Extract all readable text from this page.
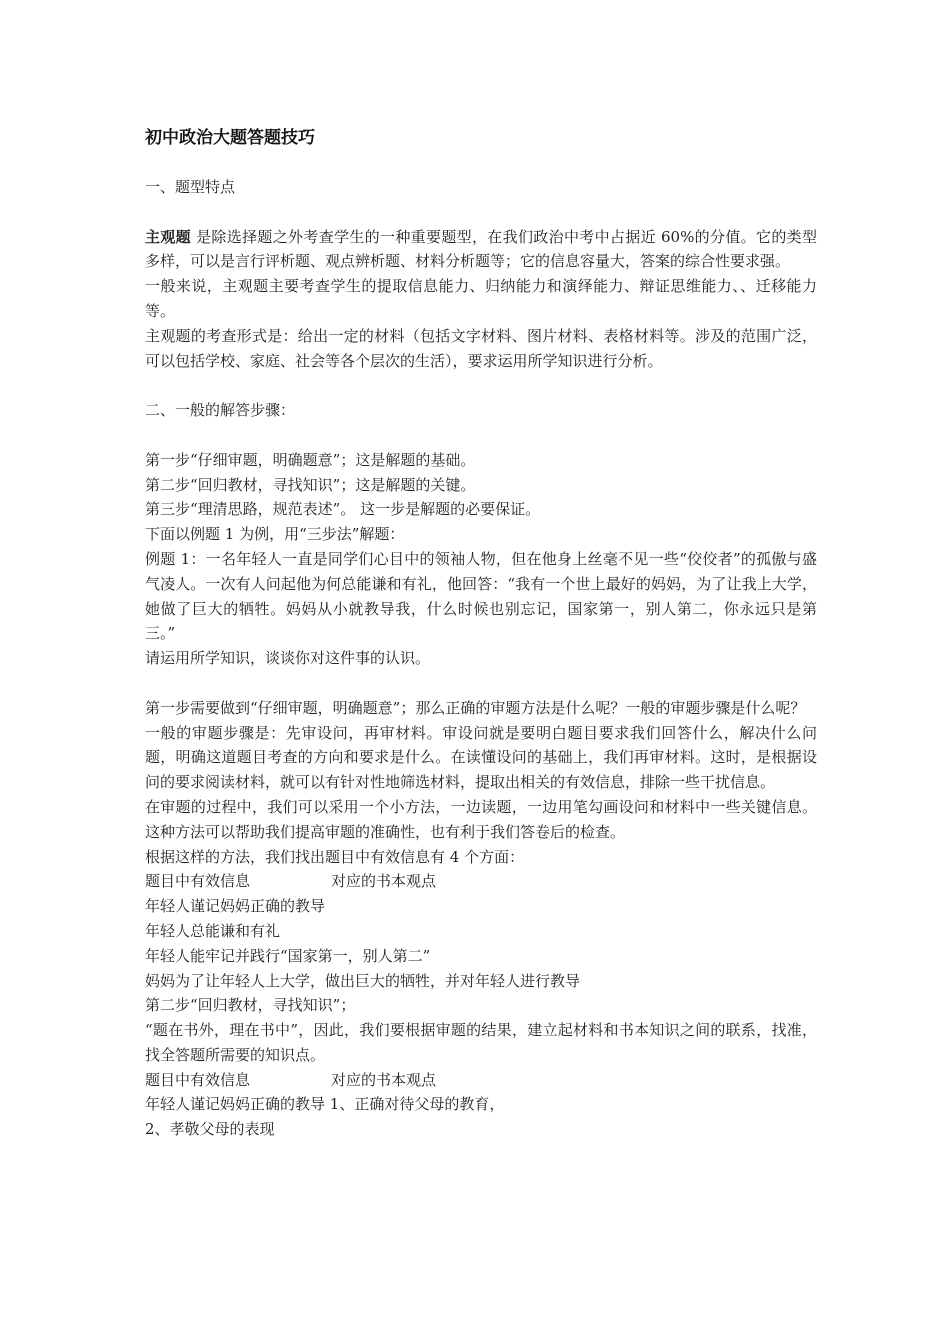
初中政治大题答题技巧

一、题型特点

主观题 是除选择题之外考查学生的一种重要题型，在我们政治中考中占据近 60%的分值。它的类型多样，可以是言行评析题、观点辨析题、材料分析题等；它的信息容量大，答案的综合性要求强。

一般来说，主观题主要考查学生的提取信息能力、归纳能力和演绎能力、辩证思维能力、、迁移能力等。

主观题的考查形式是：给出一定的材料（包括文字材料、图片材料、表格材料等。涉及的范围广泛，可以包括学校、家庭、社会等各个层次的生活），要求运用所学知识进行分析。

二、一般的解答步骤：

第一步“仔细审题，明确题意”；这是解题的基础。

第二步“回归教材，寻找知识”；这是解题的关键。

第三步“理清思路，规范表述”。 这一步是解题的必要保证。

下面以例题 1 为例，用“三步法”解题：

例题 1：一名年轻人一直是同学们心目中的领袖人物，但在他身上丝毫不见一些“佼佼者”的孤傲与盛气凌人。一次有人问起他为何总能谦和有礼，他回答：“我有一个世上最好的妈妈，为了让我上大学，她做了巨大的牺牲。妈妈从小就教导我，什么时候也别忘记，国家第一，别人第二，你永远只是第三。”

请运用所学知识，谈谈你对这件事的认识。

第一步需要做到“仔细审题，明确题意”；那么正确的审题方法是什么呢？一般的审题步骤是什么呢？

一般的审题步骤是：先审设问，再审材料。审设问就是要明白题目要求我们回答什么，解决什么问题，明确这道题目考查的方向和要求是什么。在读懂设问的基础上，我们再审材料。这时，是根据设问的要求阅读材料，就可以有针对性地筛选材料，提取出相关的有效信息，排除一些干扰信息。

在审题的过程中，我们可以采用一个小方法，一边读题，一边用笔勾画设问和材料中一些关键信息。这种方法可以帮助我们提高审题的准确性，也有利于我们答卷后的检查。

根据这样的方法，我们找出题目中有效信息有 4 个方面：

题目中有效信息	对应的书本观点

年轻人谨记妈妈正确的教导

年轻人总能谦和有礼

年轻人能牢记并践行“国家第一，别人第二”

妈妈为了让年轻人上大学，做出巨大的牺牲，并对年轻人进行教导

第二步“回归教材，寻找知识”；

“题在书外，理在书中”，因此，我们要根据审题的结果，建立起材料和书本知识之间的联系，找准，找全答题所需要的知识点。

题目中有效信息	对应的书本观点

年轻人谨记妈妈正确的教导 1、正确对待父母的教育，

2、孝敬父母的表现
